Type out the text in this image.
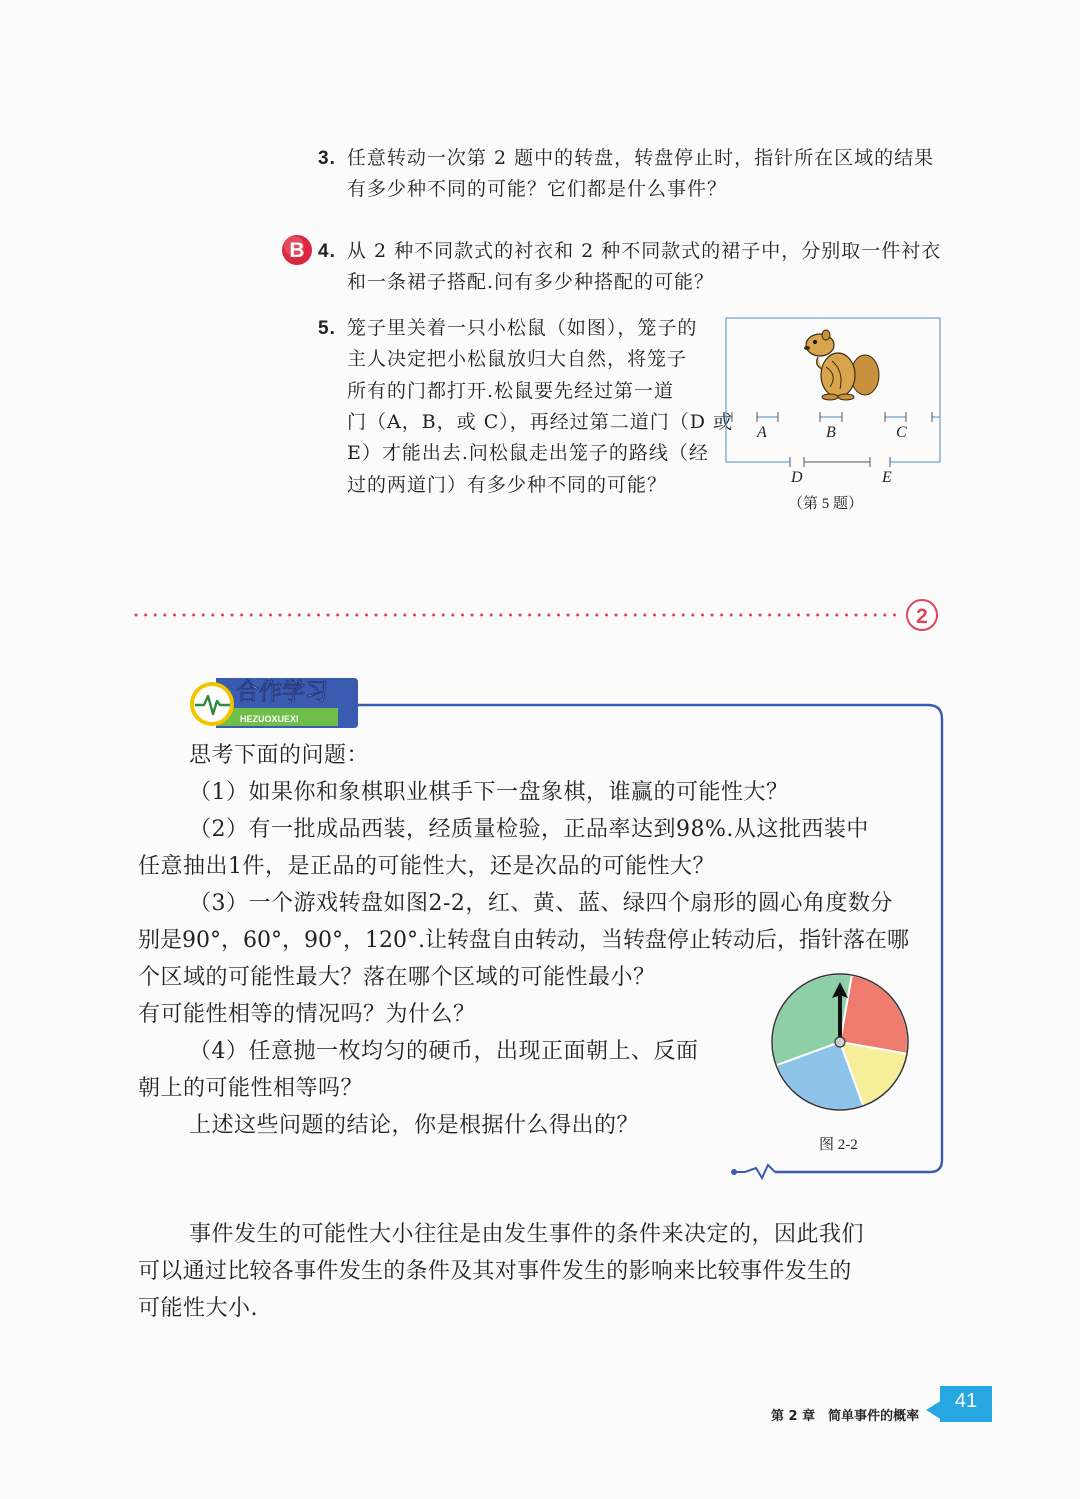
3. 任意转动一次第 2 题中的转盘，转盘停止时，指针所在区域的结果
有多少种不同的可能？它们都是什么事件？
B 4. 从 2 种不同款式的衬衣和 2 种不同款式的裙子中，分别取一件衬衣
和一条裙子搭配.问有多少种搭配的可能？
5. 笼子里关着一只小松鼠（如图），笼子的
主人决定把小松鼠放归大自然，将笼子
所有的门都打开.松鼠要先经过第一道
门（A，B，或 C），再经过第二道门（D 或
E）才能出去.问松鼠走出笼子的路线（经
过的两道门）有多少种不同的可能？
A	B	C
D	E
（第 5 题）
2
合作学习
HEZUOXUEXI
思考下面的问题：
（1）如果你和象棋职业棋手下一盘象棋，谁赢的可能性大？
（2）有一批成品西装，经质量检验，正品率达到98%.从这批西装中
任意抽出1件，是正品的可能性大，还是次品的可能性大？
（3）一个游戏转盘如图2-2，红、黄、蓝、绿四个扇形的圆心角度数分
别是90°，60°，90°，120°.让转盘自由转动，当转盘停止转动后，指针落在哪
个区域的可能性最大？落在哪个区域的可能性最小？
有可能性相等的情况吗？为什么？
（4）任意抛一枚均匀的硬币，出现正面朝上、反面
朝上的可能性相等吗？
上述这些问题的结论，你是根据什么得出的？
图 2-2
事件发生的可能性大小往往是由发生事件的条件来决定的，因此我们
可以通过比较各事件发生的条件及其对事件发生的影响来比较事件发生的
可能性大小.
第 2 章　简单事件的概率
41
